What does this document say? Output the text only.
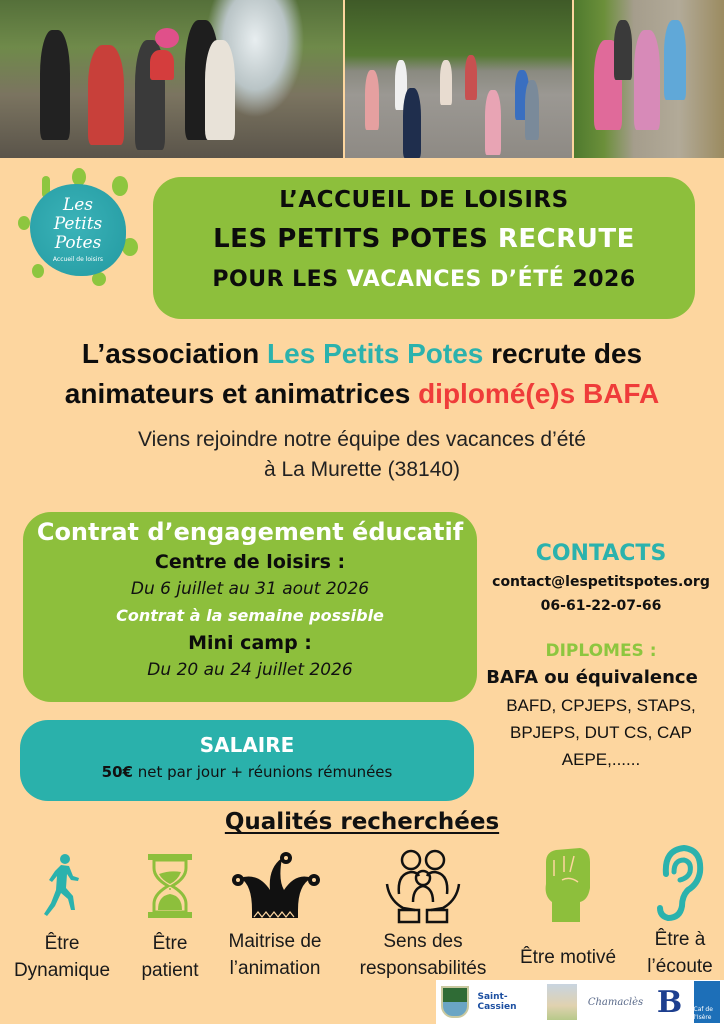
Les
Petits
Potes
Accueil de loisirs
L’ACCUEIL DE LOISIRS
LES PETITS POTES RECRUTE
POUR LES VACANCES D’ÉTÉ 2026
L’association Les Petits Potes recrute des
animateurs et animatrices diplomé(e)s BAFA
Viens rejoindre notre équipe des vacances d’été
à La Murette (38140)
Contrat d’engagement éducatif
Centre de loisirs :
Du 6 juillet au 31 aout 2026
Contrat à la semaine possible
Mini camp :
Du 20 au 24 juillet 2026
SALAIRE
50€ net par jour + réunions rémunées
CONTACTS
contact@lespetitspotes.org
06-61-22-07-66
DIPLOMES :
BAFA ou équivalence
BAFD, CPJEPS, STAPS,
BPJEPS, DUT CS, CAP
AEPE,......
Qualités recherchées
Être
Dynamique
Être
patient
Maitrise de
l’animation
Sens des
responsabilités
Être motivé
Être à
l’écoute
Saint-Cassien	Chamaclès B	Caf de l'Isère
